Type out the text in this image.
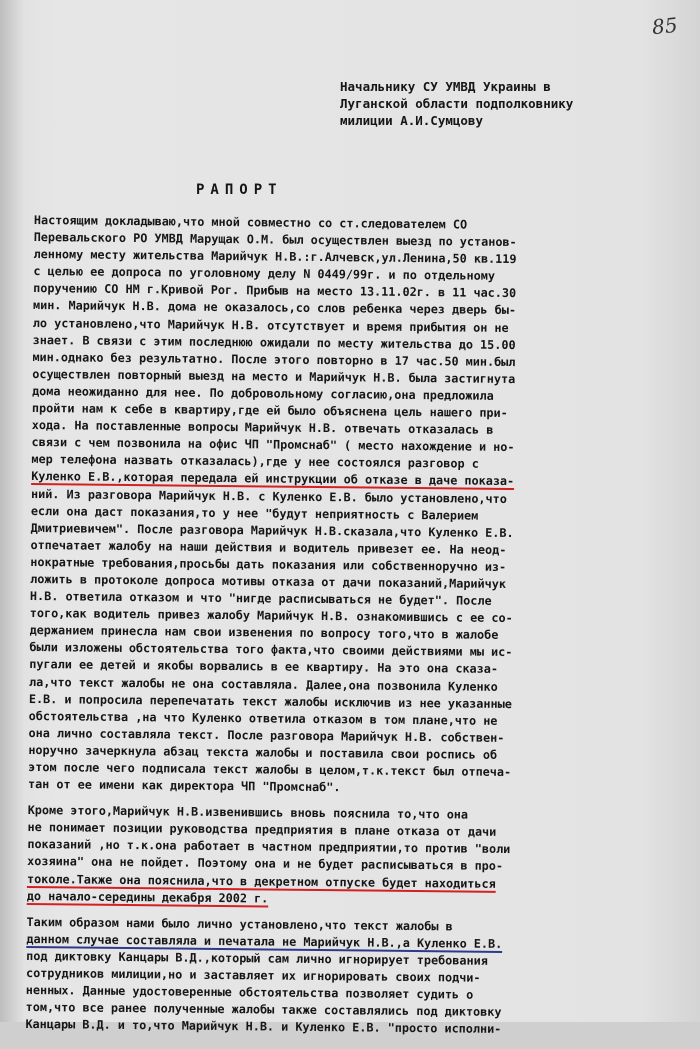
85
Начальнику СУ УМВД Украины в
Луганской области подполковнику
милиции А.И.Сумцову
РАПОРТ

Настоящим докладываю,что мной совместно со ст.следователем СО
Перевальского РО УМВД Марущак О.М. был осуществлен выезд по установ-
ленному месту жительства Марийчук Н.В.:г.Алчевск,ул.Ленина,50 кв.119
с целью ее допроса по уголовному делу N 0449/99г. и по отдельному
поручению СО НМ г.Кривой Рог. Прибыв на место 13.11.02г. в 11 час.30
мин. Марийчук Н.В. дома не оказалось,со слов ребенка через дверь бы-
ло установлено,что Марийчук Н.В. отсутствует и время прибытия он не
знает. В связи с этим последнюю ожидали по месту жительства до 15.00
мин.однако без результатно. После этого повторно в 17 час.50 мин.был
осуществлен повторный выезд на место и Марийчук Н.В. была застигнута
дома неожиданно для нее. По добровольному согласию,она предложила
пройти нам к себе в квартиру,где ей было объяснена цель нашего при-
хода. На поставленные вопросы Марийчук Н.В. отвечать отказалась в
связи с чем позвонила на офис ЧП "Промснаб" ( место нахождение и но-
мер телефона назвать отказалась),где у нее состоялся разговор с
Куленко Е.В.,которая передала ей инструкции об отказе в даче показа-
ний. Из разговора Марийчук Н.В. с Куленко Е.В. было установлено,что
если она даст показания,то у нее "будут неприятность с Валерием
Дмитриевичем". После разговора Марийчук Н.В.сказала,что Куленко Е.В.
отпечатает жалобу на наши действия и водитель привезет ее. На неод-
нократные требования,просьбы дать показания или собственноручно из-
ложить в протоколе допроса мотивы отказа от дачи показаний,Марийчук
Н.В. ответила отказом и что "нигде расписываться не будет". После
того,как водитель привез жалобу Марийчук Н.В. ознакомившись с ее со-
держанием принесла нам свои извенения по вопросу того,что в жалобе
были изложены обстоятельства того факта,что своими действиями мы ис-
пугали ее детей и якобы ворвались в ее квартиру. На это она сказа-
ла,что текст жалобы не она составляла. Далее,она позвонила Куленко
Е.В. и попросила перепечатать текст жалобы исключив из нее указанные
обстоятельства ,на что Куленко ответила отказом в том плане,что не
она лично составляла текст. После разговора Марийчук Н.В. собствен-
норучно зачеркнула абзац текста жалобы и поставила свои роспись об
этом после чего подписала текст жалобы в целом,т.к.текст был отпеча-
тан от ее имени как директора ЧП "Промснаб".

Кроме этого,Марийчук Н.В.извенившись вновь пояснила то,что она
не понимает позиции руководства предприятия в плане отказа от дачи
показаний ,но т.к.она работает в частном предприятии,то против "воли
хозяина" она не пойдет. Поэтому она и не будет расписываться в про-
токоле.Также она пояснила,что в декретном отпуске будет находиться
до начало-середины декабря 2002 г.

Таким образом нами было лично установлено,что текст жалобы в
данном случае составляла и печатала не Марийчук Н.В.,а Куленко Е.В.
под диктовку Канцары В.Д.,который сам лично игнорирует требования
сотрудников милиции,но и заставляет их игнорировать своих подчи-
ненных. Данные удостоверенные обстоятельства позволяет судить о
том,что все ранее полученные жалобы также составлялись под диктовку
Канцары В.Д. и то,что Марийчук Н.В. и Куленко Е.В. "просто исполни-
